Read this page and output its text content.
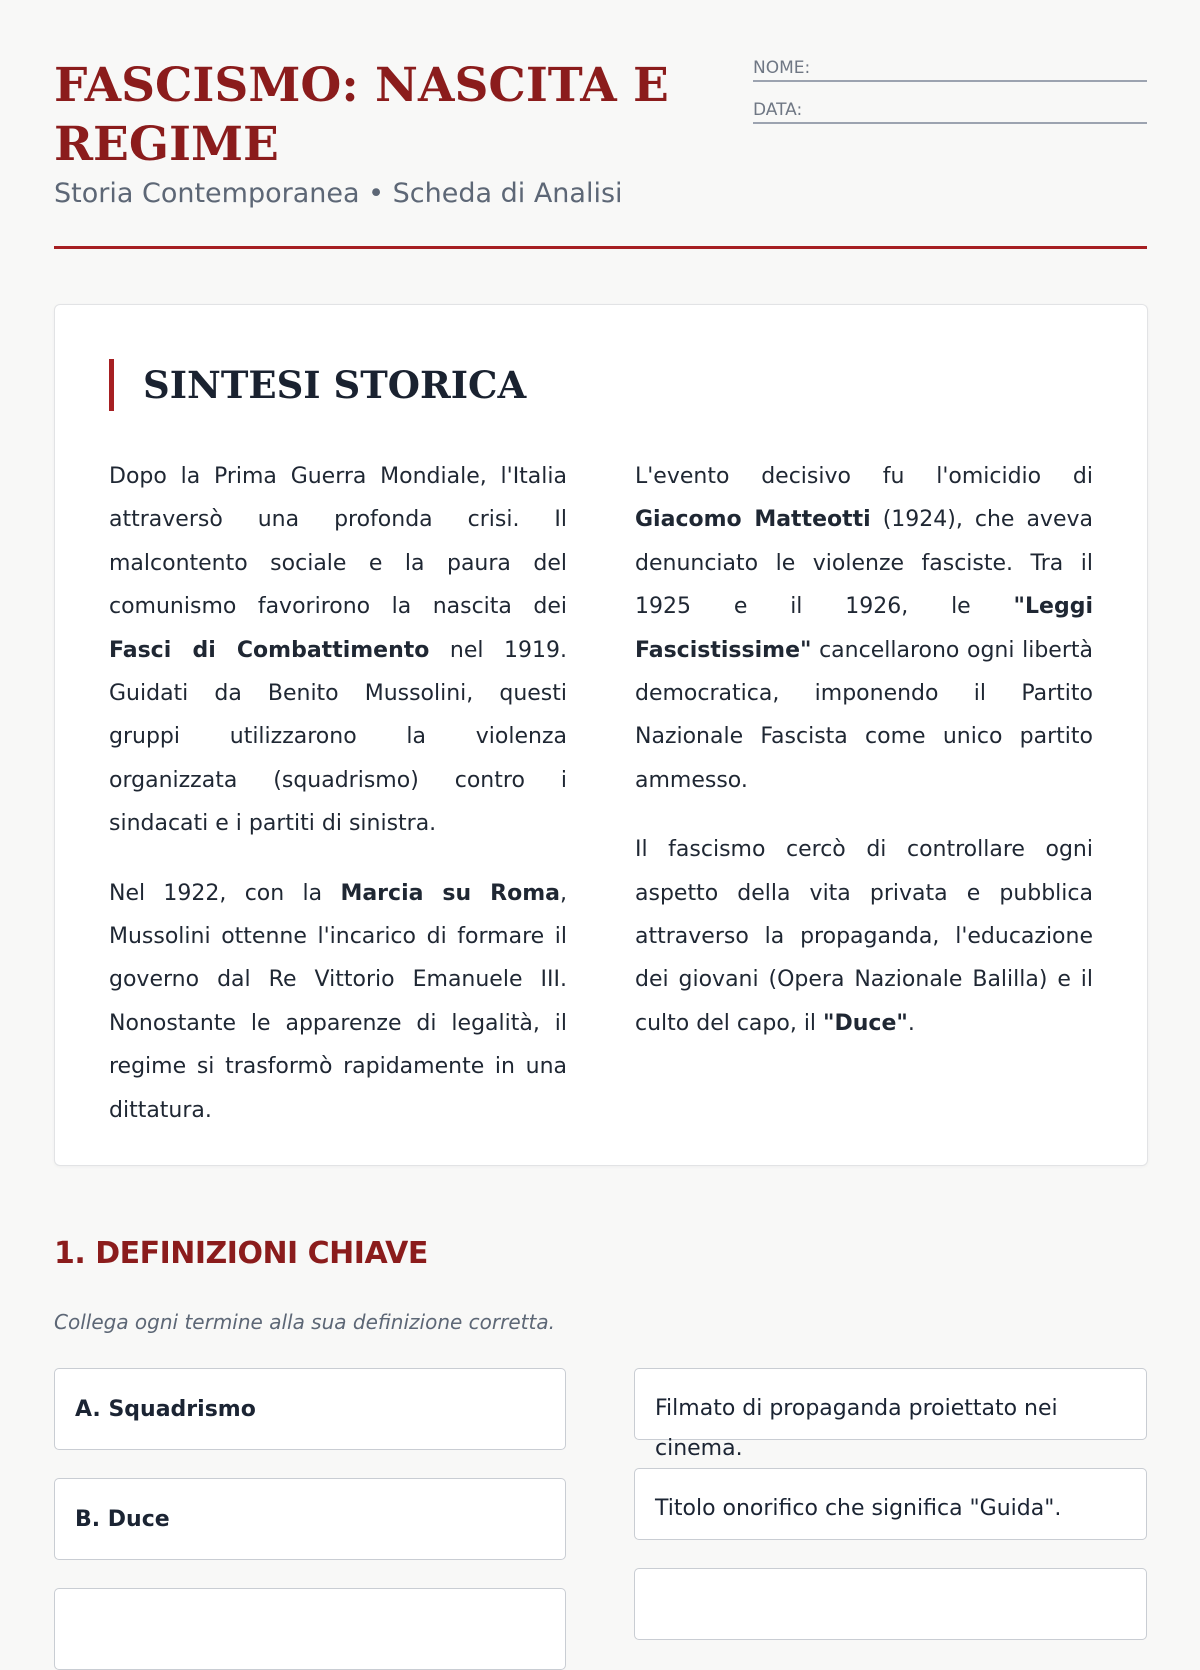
FASCISMO: NASCITA E REGIME

Storia Contemporanea • Scheda di Analisi

NOME:
DATA:
SINTESI STORICA

Dopo la Prima Guerra Mondiale, l'Italia attraversò una profonda crisi. Il malcontento sociale e la paura del comunismo favorirono la nascita dei Fasci di Combattimento nel 1919. Guidati da Benito Mussolini, questi gruppi utilizzarono la violenza organizzata (squadrismo) contro i sindacati e i partiti di sinistra.

Nel 1922, con la Marcia su Roma, Mussolini ottenne l'incarico di formare il governo dal Re Vittorio Emanuele III. Nonostante le apparenze di legalità, il regime si trasformò rapidamente in una dittatura.

L'evento decisivo fu l'omicidio di Giacomo Matteotti (1924), che aveva denunciato le violenze fasciste. Tra il 1925 e il 1926, le "Leggi Fascistissime" cancellarono ogni libertà democratica, imponendo il Partito Nazionale Fascista come unico partito ammesso.

Il fascismo cercò di controllare ogni aspetto della vita privata e pubblica attraverso la propaganda, l'educazione dei giovani (Opera Nazionale Balilla) e il culto del capo, il "Duce".

1. DEFINIZIONI CHIAVE

Collega ogni termine alla sua definizione corretta.

A. Squadrismo
B. Duce
Filmato di propaganda proiettato nei cinema.
Titolo onorifico che significa "Guida".
